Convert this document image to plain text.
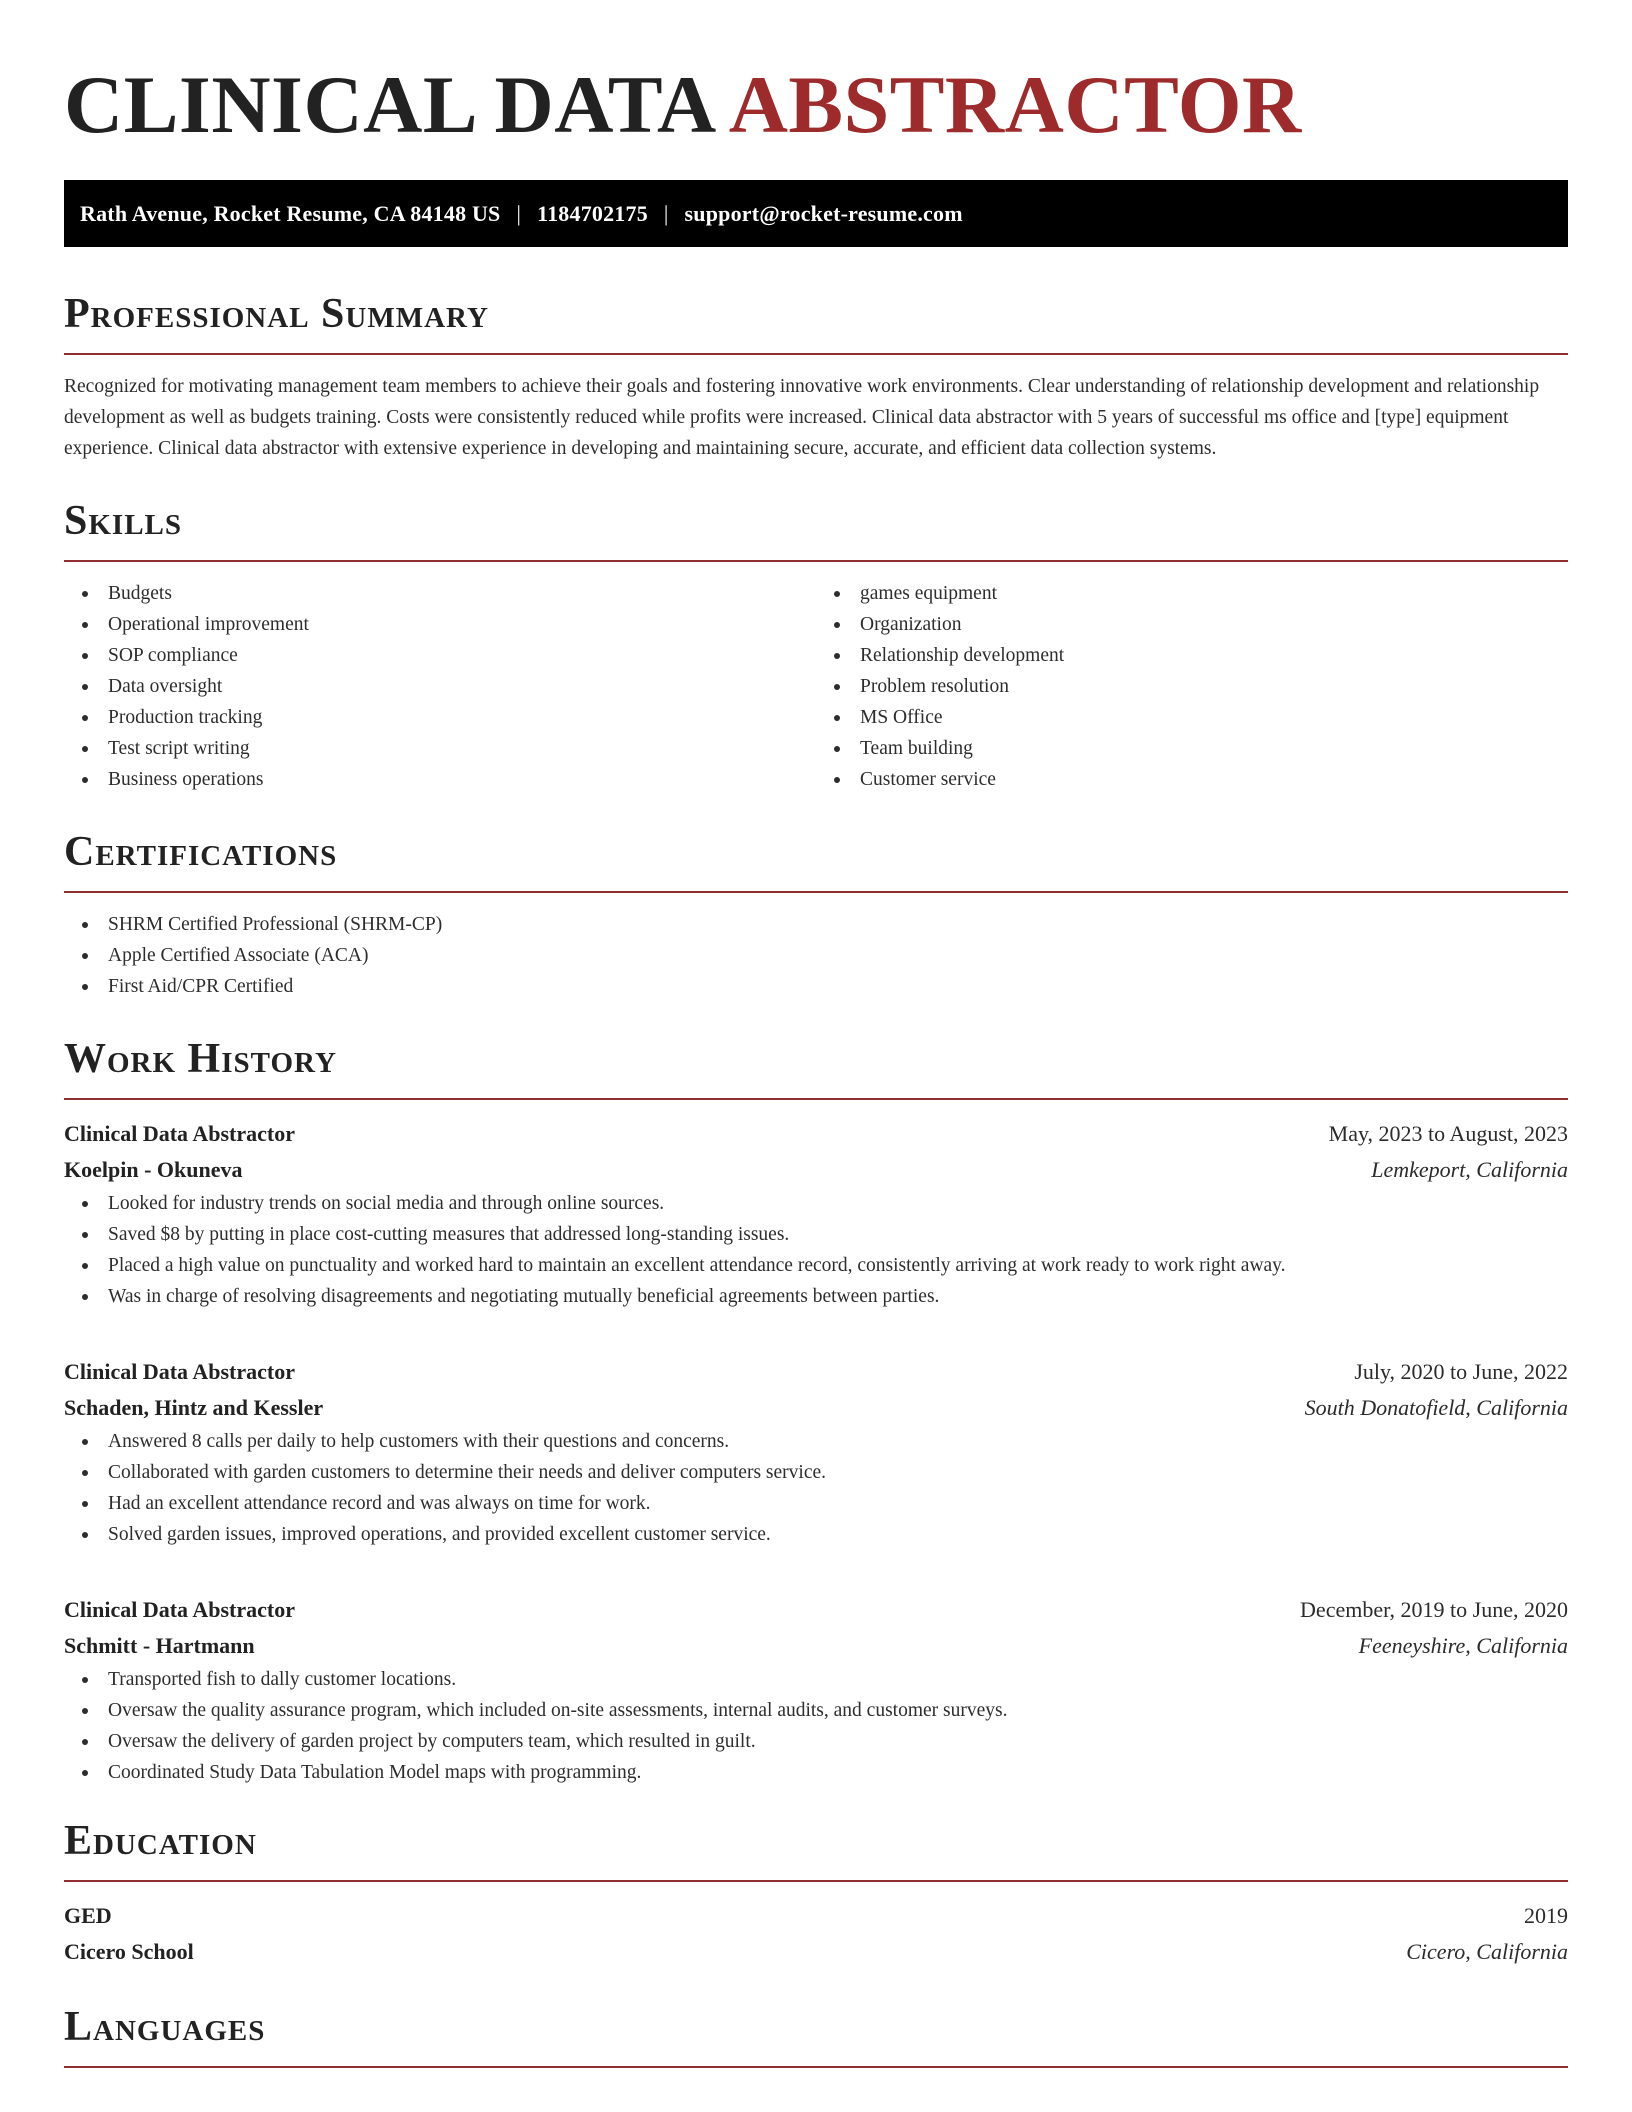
CLINICAL DATA ABSTRACTOR
Rath Avenue, Rocket Resume, CA 84148 US | 1184702175 | support@rocket-resume.com
Professional Summary

Recognized for motivating management team members to achieve their goals and fostering innovative work environments. Clear understanding of relationship development and relationship development as well as budgets training. Costs were consistently reduced while profits were increased. Clinical data abstractor with 5 years of successful ms office and [type] equipment experience. Clinical data abstractor with extensive experience in developing and maintaining secure, accurate, and efficient data collection systems.

Skills
Budgets
Operational improvement
SOP compliance
Data oversight
Production tracking
Test script writing
Business operations
games equipment
Organization
Relationship development
Problem resolution
MS Office
Team building
Customer service
Certifications
SHRM Certified Professional (SHRM-CP)
Apple Certified Associate (ACA)
First Aid/CPR Certified
Work History
Clinical Data Abstractor	May, 2023 to August, 2023
Koelpin - Okuneva	Lemkeport, California
Looked for industry trends on social media and through online sources.
Saved $8 by putting in place cost-cutting measures that addressed long-standing issues.
Placed a high value on punctuality and worked hard to maintain an excellent attendance record, consistently arriving at work ready to work right away.
Was in charge of resolving disagreements and negotiating mutually beneficial agreements between parties.
Clinical Data Abstractor	July, 2020 to June, 2022
Schaden, Hintz and Kessler	South Donatofield, California
Answered 8 calls per daily to help customers with their questions and concerns.
Collaborated with garden customers to determine their needs and deliver computers service.
Had an excellent attendance record and was always on time for work.
Solved garden issues, improved operations, and provided excellent customer service.
Clinical Data Abstractor	December, 2019 to June, 2020
Schmitt - Hartmann	Feeneyshire, California
Transported fish to dally customer locations.
Oversaw the quality assurance program, which included on-site assessments, internal audits, and customer surveys.
Oversaw the delivery of garden project by computers team, which resulted in guilt.
Coordinated Study Data Tabulation Model maps with programming.
Education
GED	2019
Cicero School	Cicero, California
Languages
